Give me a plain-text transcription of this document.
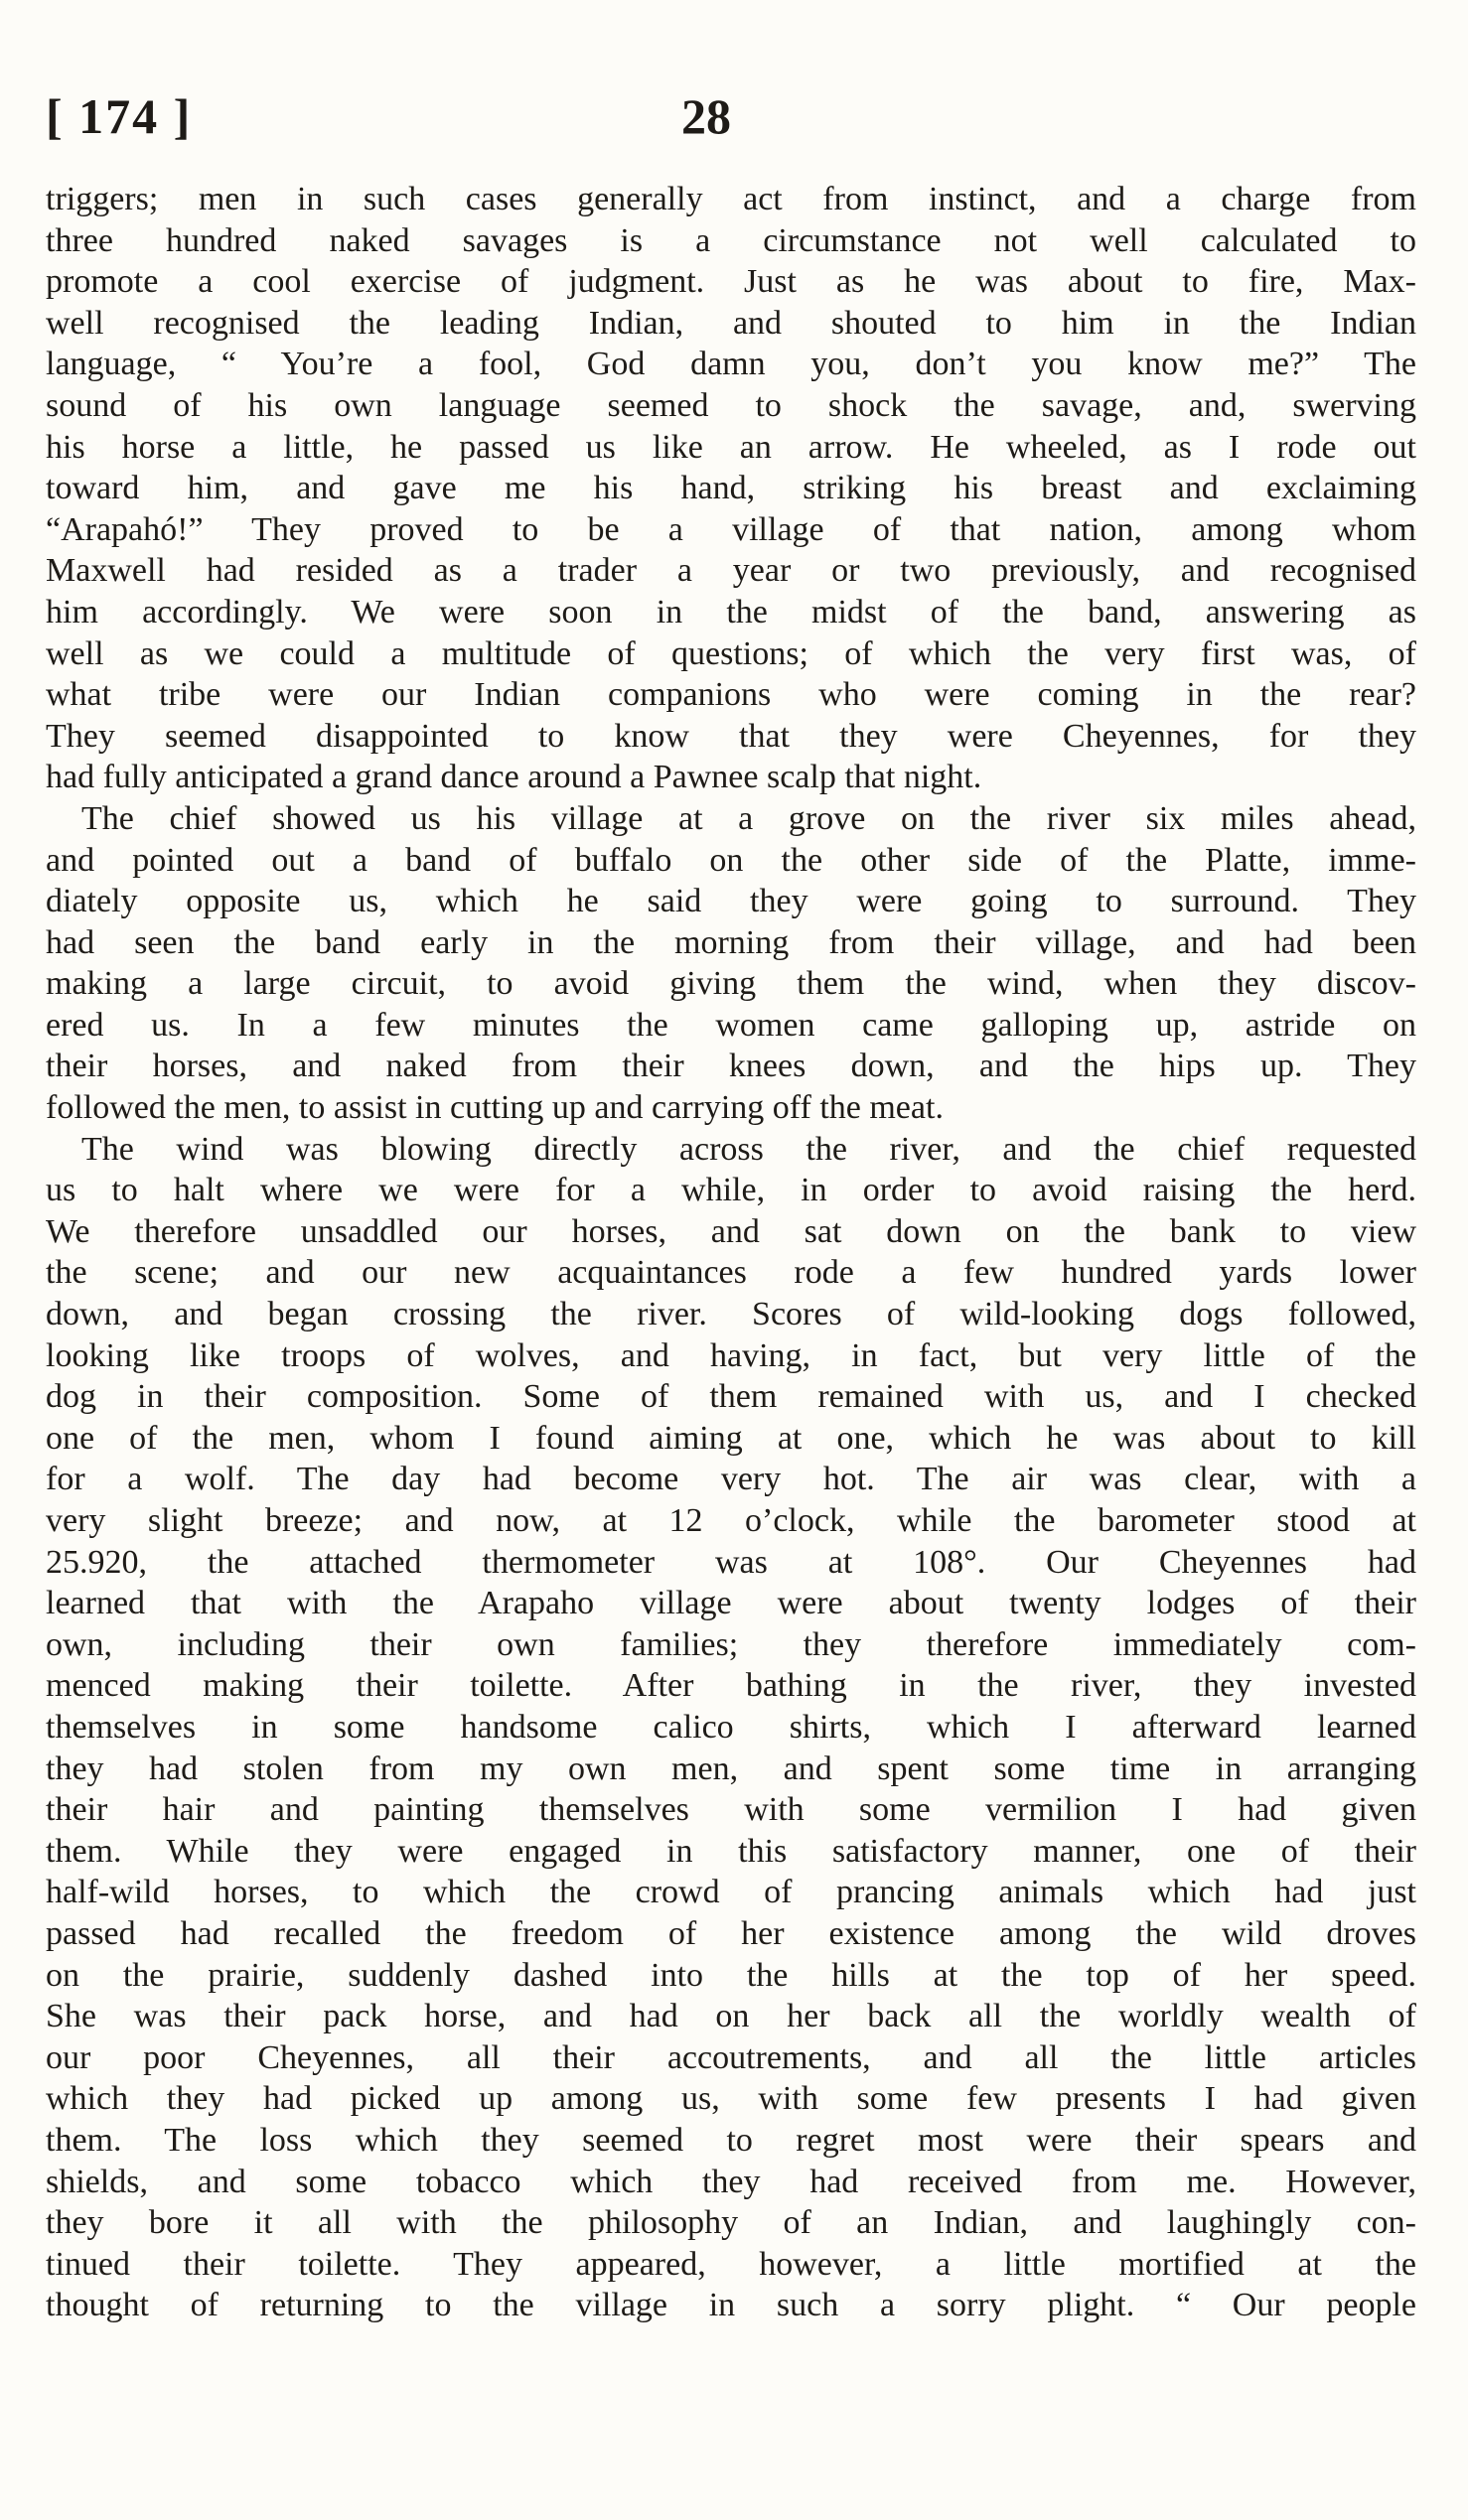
[ 174 ]	28
triggers; men in such cases generally act from instinct, and a charge from
three hundred naked savages is a circumstance not well calculated to
promote a cool exercise of judgment. Just as he was about to fire, Max-
well recognised the leading Indian, and shouted to him in the Indian
language, “ You’re a fool, God damn you, don’t you know me?” The
sound of his own language seemed to shock the savage, and, swerving
his horse a little, he passed us like an arrow. He wheeled, as I rode out
toward him, and gave me his hand, striking his breast and exclaiming
“Arapahó!” They proved to be a village of that nation, among whom
Maxwell had resided as a trader a year or two previously, and recognised
him accordingly. We were soon in the midst of the band, answering as
well as we could a multitude of questions; of which the very first was, of
what tribe were our Indian companions who were coming in the rear?
They seemed disappointed to know that they were Cheyennes, for they
had fully anticipated a grand dance around a Pawnee scalp that night.
The chief showed us his village at a grove on the river six miles ahead,
and pointed out a band of buffalo on the other side of the Platte, imme-
diately opposite us, which he said they were going to surround. They
had seen the band early in the morning from their village, and had been
making a large circuit, to avoid giving them the wind, when they discov-
ered us. In a few minutes the women came galloping up, astride on
their horses, and naked from their knees down, and the hips up. They
followed the men, to assist in cutting up and carrying off the meat.
The wind was blowing directly across the river, and the chief requested
us to halt where we were for a while, in order to avoid raising the herd.
We therefore unsaddled our horses, and sat down on the bank to view
the scene; and our new acquaintances rode a few hundred yards lower
down, and began crossing the river. Scores of wild-looking dogs followed,
looking like troops of wolves, and having, in fact, but very little of the
dog in their composition. Some of them remained with us, and I checked
one of the men, whom I found aiming at one, which he was about to kill
for a wolf. The day had become very hot. The air was clear, with a
very slight breeze; and now, at 12 o’clock, while the barometer stood at
25.920, the attached thermometer was at 108°. Our Cheyennes had
learned that with the Arapaho village were about twenty lodges of their
own, including their own families; they therefore immediately com-
menced making their toilette. After bathing in the river, they invested
themselves in some handsome calico shirts, which I afterward learned
they had stolen from my own men, and spent some time in arranging
their hair and painting themselves with some vermilion I had given
them. While they were engaged in this satisfactory manner, one of their
half-wild horses, to which the crowd of prancing animals which had just
passed had recalled the freedom of her existence among the wild droves
on the prairie, suddenly dashed into the hills at the top of her speed.
She was their pack horse, and had on her back all the worldly wealth of
our poor Cheyennes, all their accoutrements, and all the little articles
which they had picked up among us, with some few presents I had given
them. The loss which they seemed to regret most were their spears and
shields, and some tobacco which they had received from me. However,
they bore it all with the philosophy of an Indian, and laughingly con-
tinued their toilette. They appeared, however, a little mortified at the
thought of returning to the village in such a sorry plight. “ Our people
